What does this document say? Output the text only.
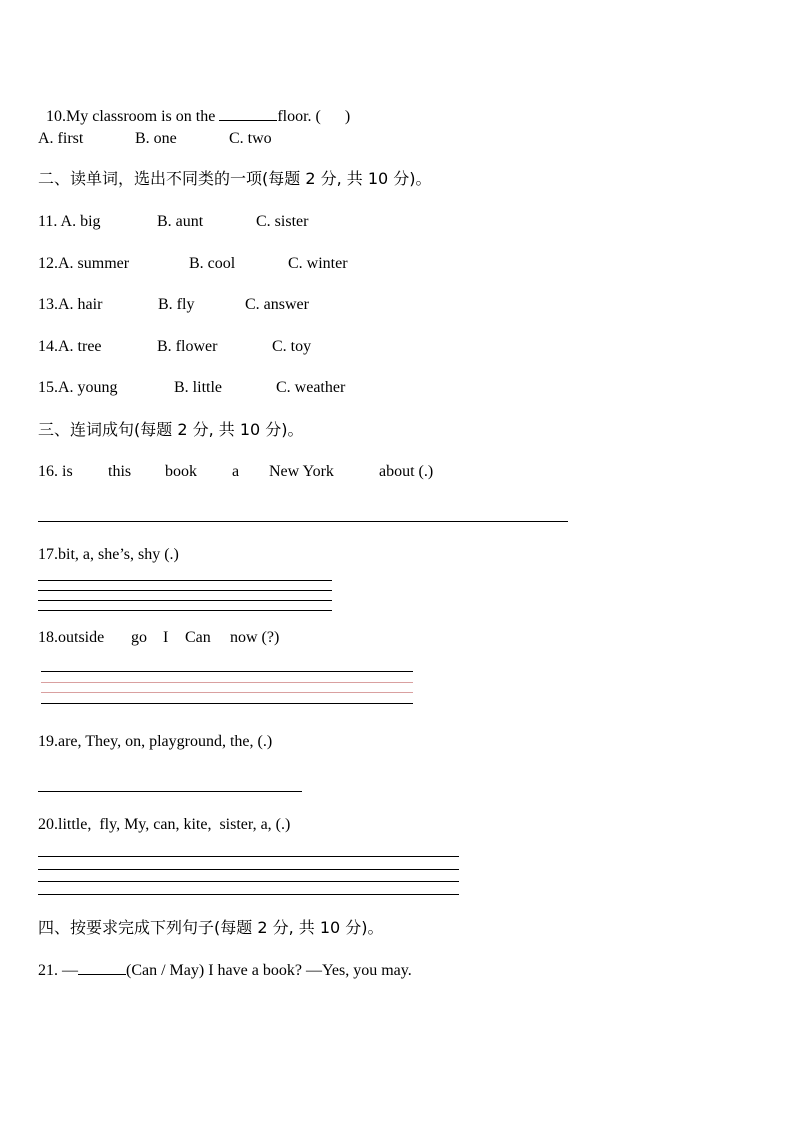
10.My classroom is on the	floor. ( )

A. first	B. one	C. two
二、读单词，选出不同类的一项(每题 2 分, 共 10 分)。
11. A. big	B. aunt	C. sister
12.A. summer	B. cool	C. winter
13.A. hair	B. fly	C. answer
14.A. tree	B. flower	C. toy
15.A. young	B. little	C. weather
三、连词成句(每题 2 分, 共 10 分)。
16. is this book a New York	about (.)
17.bit, a, she’s, shy (.)
18.outside go I Can now (?)
19.are, They, on, playground, the, (.)
20.little,  fly, My, can, kite,  sister, a, (.)
四、按要求完成下列句子(每题 2 分, 共 10 分)。
21. —	(Can / May) I have a book? —Yes, you may.
